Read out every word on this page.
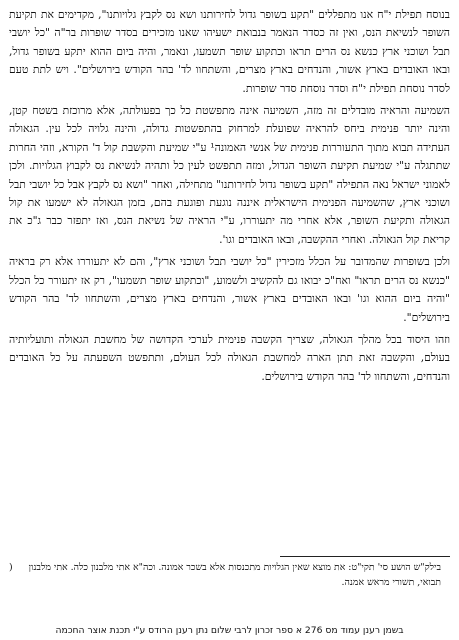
בנוסח תפילת י"ח אנו מתפללים "תקע בשופר גדול לחירותנו ושא נס לקבץ גלויותנו", מקדימים את תקיעת השופר לנשיאת הנס, ואין זה כסדר הנאמר בנבואת ישעיהו שאנו מזכירים בסדר שופרות בר"ה "כל יושבי תבל ושוכני ארץ כנשא נס הרים תראו וכתקוע שופר תשמעו, ונאמר, והיה ביום ההוא יתקע בשופר גדול, ובאו האובדים בארץ אשור, והנדחים בארץ מצרים, והשתחוו לד' בהר הקודש בירושלים". ויש לתת טעם לסדר נוסחת תפילת י"ח וסדר נוסחת סדר שופרות.

השמיעה והראיה מובדלים זה מזה, השמיעה אינה מתפשטת כל כך בפעולתה, אלא מרוכזת בשטח קטן, והינה יותר פנימית ביחס להראיה שפועלת למרחוק בהתפשטות גדולה, והינה גלויה לכל עין. הגאולה העתידה תבוא מתוך התעוררות פנימית של אנשי האמונה¹ ע"י שמיעת והקשבת קול ד' הקורא, וזהי החרות שתתגלה ע"י שמיעת תקיעת השופר הגדול, ומזה תתפשט לעין כל ותהיה לנשיאת נס לקבוץ הגלויות. ולכן לאמוני ישראל נאה התפילה "תקע בשופר גדול לחירותנו" מתחילה, ואחר "ושא נס לקבץ אבל כל יושבי תבל ושוכני ארץ, שהשמיעה הפנימית הישראלית איננה נוגעת ופוגעת בהם, בזמן הגאולה לא ישמעו את קול הגאולה ותקיעת השופר, אלא אחרי מה יתעוררו, ע"י הראיה של נשיאת הנס, ואז יתפזר כבר ג"כ את קריאת קול הגאולה. ואחרי ההקשבה, ובאו האובדים וגו'.

ולכן בשופרות שהמדובר על הכלל מזכירין "כל יושבי תבל ושוכני ארץ", והם לא יתעוררו אלא רק בראיה "כנשא נס הרים תראו" ואח"כ יבואו גם להקשיב ולשמוע, "וכתקוע שופר תשמעו", רק אז יתעורר כל הכלל "והיה ביום ההוא וגו' ובאו האובדים בארץ אשור, והנדחים בארץ מצרים, והשתחוו לד' בהר הקודש בירושלים".

וזהו היסוד בכל מהלך הגאולה, שצריך הקשבה פנימית לערכי הקדושה של מחשבת הגאולה ותועליותיה בעולם, והקשבה זאת תתן הארה למחשבת הגאולה לכל העולם, ותתפשט השפעתה על כל האובדים והנדחים, והשתחוו לד' בהר הקודש בירושלים.

(	בילק"ש הושע סי' תקי"ט: את מוצא שאין הגלויות מתכנסות אלא בשכר אמונה. וכה"א אתי מלבנון כלה. אתי מלבנון תבואי, תשורי מראש אמנה.
בשמן רענן עמוד מס 276 א ספר זכרון לרבי שלום נתן רענן הרודס ע"י תכנת אוצר החכמה
